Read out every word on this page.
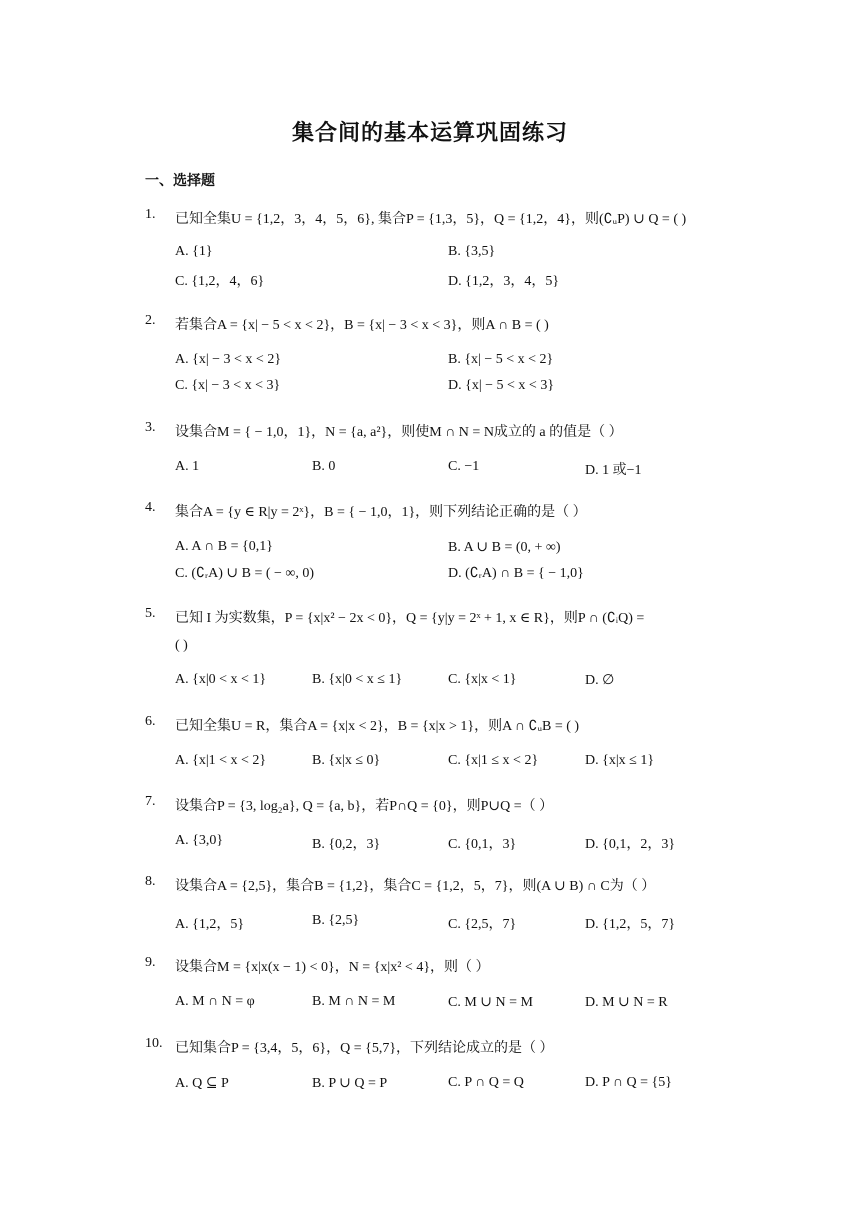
集合间的基本运算巩固练习
一、选择题
1.	已知全集U = {1,2，3，4，5，6}, 集合P = {1,3，5}，Q = {1,2，4}，则(∁ᵤP) ∪ Q = ( )
A. {1}	B. {3,5}
C. {1,2，4，6}	D. {1,2，3，4，5}
2.	若集合A = {x| − 5 < x < 2}，B = {x| − 3 < x < 3}，则A ∩ B = ( )
A. {x| − 3 < x < 2}	B. {x| − 5 < x < 2}
C. {x| − 3 < x < 3}	D. {x| − 5 < x < 3}
3.	设集合M = { − 1,0，1}，N = {a, a²}，则使M ∩ N = N成立的 a 的值是（ ）
A. 1	B. 0	C. −1	D. 1 或−1
4.	集合A = {y ∈ R|y = 2ˣ}，B = { − 1,0，1}，则下列结论正确的是（ ）
A. A ∩ B = {0,1}	B. A ∪ B = (0, + ∞)
C. (∁ᵣA) ∪ B = ( − ∞, 0)	D. (∁ᵣA) ∩ B = { − 1,0}
5.	已知 I 为实数集，P = {x|x² − 2x < 0}，Q = {y|y = 2ˣ + 1, x ∈ R}，则P ∩ (∁ᵢQ) =
( )
A. {x|0 < x < 1}	B. {x|0 < x ≤ 1}	C. {x|x < 1}	D. ∅
6.	已知全集U = R，集合A = {x|x < 2}，B = {x|x > 1}，则A ∩ ∁ᵤB = ( )
A. {x|1 < x < 2}	B. {x|x ≤ 0}	C. {x|1 ≤ x < 2}	D. {x|x ≤ 1}
7.	设集合P = {3, log₂a}, Q = {a, b}，若P∩Q = {0}，则P∪Q =（ ）
A. {3,0}	B. {0,2，3}	C. {0,1，3}	D. {0,1，2，3}
8.	设集合A = {2,5}，集合B = {1,2}，集合C = {1,2，5，7}，则(A ∪ B) ∩ C为（ ）
A. {1,2，5}	B. {2,5}	C. {2,5，7}	D. {1,2，5，7}
9.	设集合M = {x|x(x − 1) < 0}，N = {x|x² < 4}，则（ ）
A. M ∩ N = φ	B. M ∩ N = M	C. M ∪ N = M	D. M ∪ N = R
10. 已知集合P = {3,4，5，6}，Q = {5,7}，下列结论成立的是（ ）
A. Q ⊆ P	B. P ∪ Q = P	C. P ∩ Q = Q	D. P ∩ Q = {5}
